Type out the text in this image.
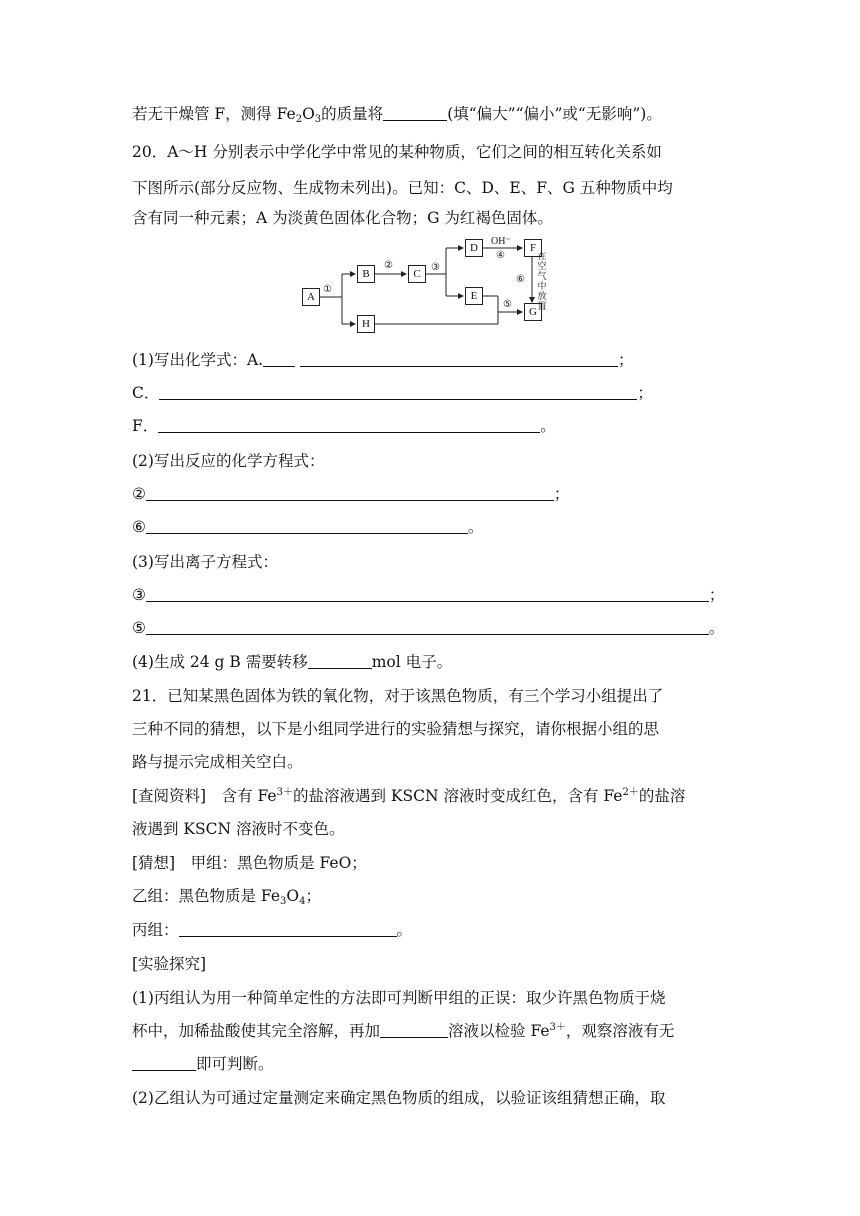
若无干燥管 F，测得 $Fe_2O_3$的质量将	(填“偏大”“偏小”或“无影响”)。
20．A～H 分别表示中学化学中常见的某种物质，它们之间的相互转化关系如
下图所示(部分反应物、生成物未列出)。已知：C、D、E、F、G 五种物质中均
含有同一种元素；A 为淡黄色固体化合物；G 为红褐色固体。
A
B
H
C
D
E
F
G
①
②	③
OH⁻
④
⑤
⑥
在
空
气
中
放
置
(1)写出化学式：A.	；
C．	；
F．	。
(2)写出反应的化学方程式：
②	；
⑥	。
(3)写出离子方程式：
③	；
⑤	。
(4)生成 24 g B 需要转移	mol 电子。
21．已知某黑色固体为铁的氧化物，对于该黑色物质，有三个学习小组提出了
三种不同的猜想，以下是小组同学进行的实验猜想与探究，请你根据小组的思
路与提示完成相关空白。
[查阅资料]　含有 $Fe^{3+}$的盐溶液遇到 KSCN 溶液时变成红色，含有 $Fe^{2+}$的盐溶
液遇到 KSCN 溶液时不变色。
[猜想]　甲组：黑色物质是 FeO；
乙组：黑色物质是 $Fe_3O_4$；
丙组：	。
[实验探究]
(1)丙组认为用一种简单定性的方法即可判断甲组的正误：取少许黑色物质于烧
杯中，加稀盐酸使其完全溶解，再加	溶液以检验 $Fe^{3+}$，观察溶液有无
即可判断。
(2)乙组认为可通过定量测定来确定黑色物质的组成，以验证该组猜想正确，取
